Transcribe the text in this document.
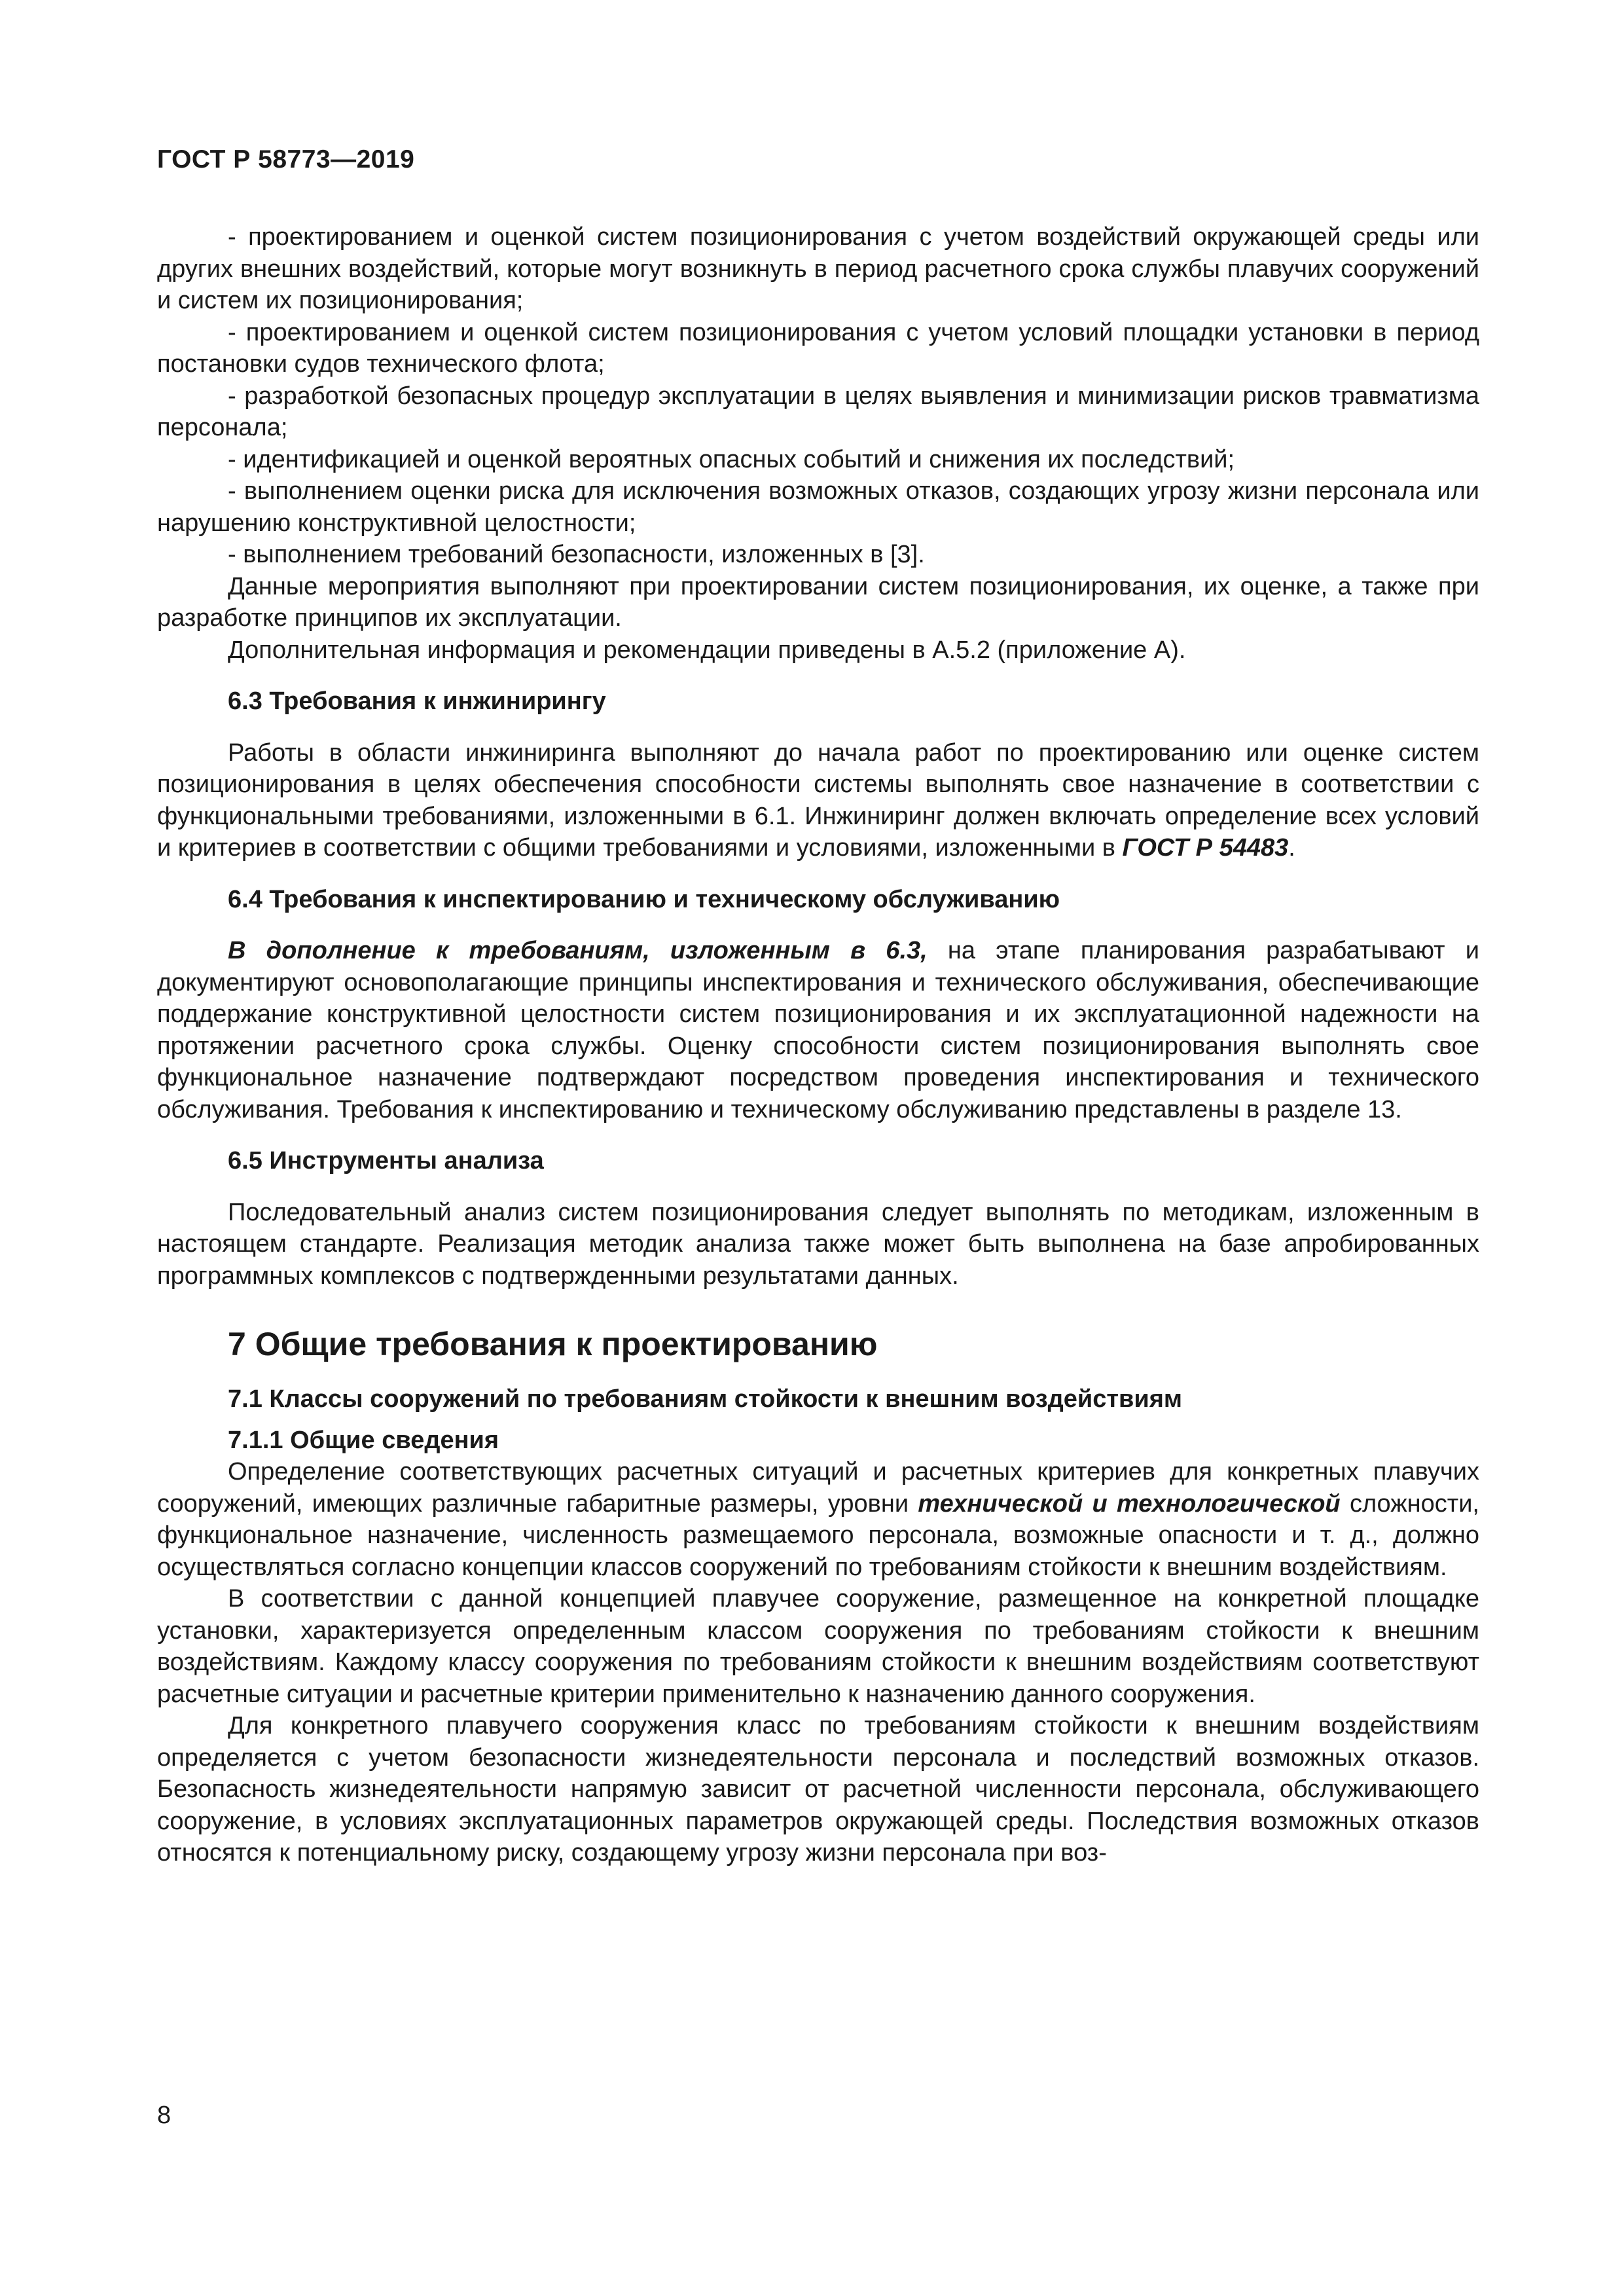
ГОСТ Р 58773—2019

- проектированием и оценкой систем позиционирования с учетом воздействий окружающей среды или других внешних воздействий, которые могут возникнуть в период расчетного срока службы плавучих сооружений и систем их позиционирования;

- проектированием и оценкой систем позиционирования с учетом условий площадки установки в период постановки судов технического флота;

- разработкой безопасных процедур эксплуатации в целях выявления и минимизации рисков травматизма персонала;

- идентификацией и оценкой вероятных опасных событий и снижения их последствий;

- выполнением оценки риска для исключения возможных отказов, создающих угрозу жизни персонала или нарушению конструктивной целостности;

- выполнением требований безопасности, изложенных в [3].

Данные мероприятия выполняют при проектировании систем позиционирования, их оценке, а также при разработке принципов их эксплуатации.

Дополнительная информация и рекомендации приведены в А.5.2 (приложение А).

6.3 Требования к инжинирингу

Работы в области инжиниринга выполняют до начала работ по проектированию или оценке систем позиционирования в целях обеспечения способности системы выполнять свое назначение в соответствии с функциональными требованиями, изложенными в 6.1. Инжиниринг должен включать определение всех условий и критериев в соответствии с общими требованиями и условиями, изложенными в ГОСТ Р 54483.

6.4 Требования к инспектированию и техническому обслуживанию

В дополнение к требованиям, изложенным в 6.3, на этапе планирования разрабатывают и документируют основополагающие принципы инспектирования и технического обслуживания, обеспечивающие поддержание конструктивной целостности систем позиционирования и их эксплуатационной надежности на протяжении расчетного срока службы. Оценку способности систем позиционирования выполнять свое функциональное назначение подтверждают посредством проведения инспектирования и технического обслуживания. Требования к инспектированию и техническому обслуживанию представлены в разделе 13.

6.5 Инструменты анализа

Последовательный анализ систем позиционирования следует выполнять по методикам, изложенным в настоящем стандарте. Реализация методик анализа также может быть выполнена на базе апробированных программных комплексов с подтвержденными результатами данных.

7 Общие требования к проектированию
7.1 Классы сооружений по требованиям стойкости к внешним воздействиям
7.1.1 Общие сведения

Определение соответствующих расчетных ситуаций и расчетных критериев для конкретных плавучих сооружений, имеющих различные габаритные размеры, уровни технической и технологической сложности, функциональное назначение, численность размещаемого персонала, возможные опасности и т. д., должно осуществляться согласно концепции классов сооружений по требованиям стойкости к внешним воздействиям.

В соответствии с данной концепцией плавучее сооружение, размещенное на конкретной площадке установки, характеризуется определенным классом сооружения по требованиям стойкости к внешним воздействиям. Каждому классу сооружения по требованиям стойкости к внешним воздействиям соответствуют расчетные ситуации и расчетные критерии применительно к назначению данного сооружения.

Для конкретного плавучего сооружения класс по требованиям стойкости к внешним воздействиям определяется с учетом безопасности жизнедеятельности персонала и последствий возможных отказов. Безопасность жизнедеятельности напрямую зависит от расчетной численности персонала, обслуживающего сооружение, в условиях эксплуатационных параметров окружающей среды. Последствия возможных отказов относятся к потенциальному риску, создающему угрозу жизни персонала при воз-

8
